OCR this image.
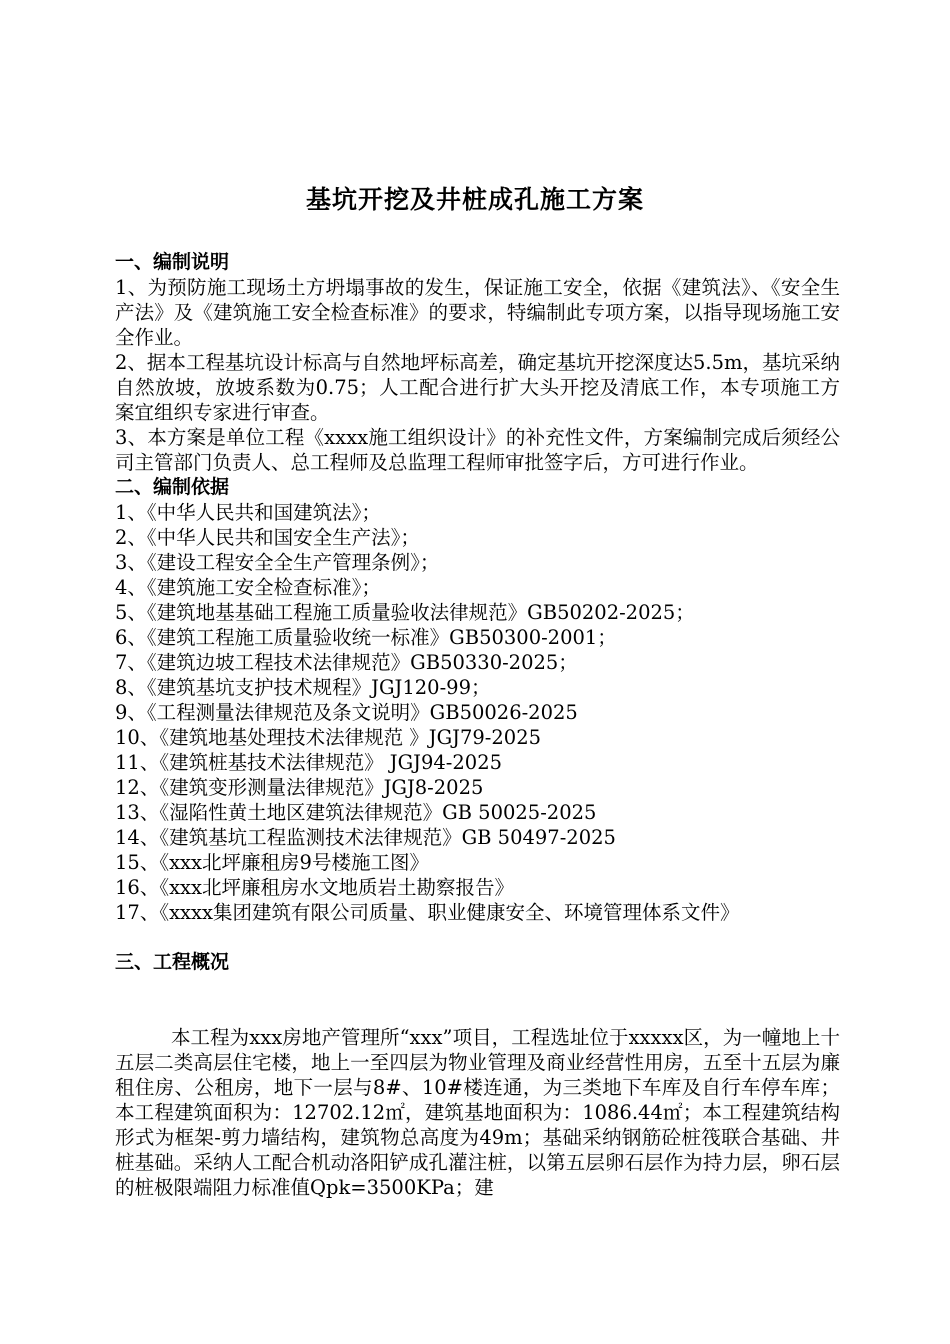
基坑开挖及井桩成孔施工方案
一、编制说明

1、为预防施工现场土方坍塌事故的发生，保证施工安全，依据《建筑法》、《安全生产法》及《建筑施工安全检查标准》的要求，特编制此专项方案，以指导现场施工安全作业。

2、据本工程基坑设计标高与自然地坪标高差，确定基坑开挖深度达5.5m，基坑采纳自然放坡，放坡系数为0.75；人工配合进行扩大头开挖及清底工作，本专项施工方案宜组织专家进行审查。

3、本方案是单位工程《xxxx施工组织设计》的补充性文件，方案编制完成后须经公司主管部门负责人、总工程师及总监理工程师审批签字后，方可进行作业。

二、编制依据
1、《中华人民共和国建筑法》；
2、《中华人民共和国安全生产法》；
3、《建设工程安全全生产管理条例》；
4、《建筑施工安全检查标准》；
5、《建筑地基基础工程施工质量验收法律规范》GB50202-2025；
6、《建筑工程施工质量验收统一标准》GB50300-2001；
7、《建筑边坡工程技术法律规范》GB50330-2025；
8、《建筑基坑支护技术规程》JGJ120-99；
9、《工程测量法律规范及条文说明》GB50026-2025
10、《建筑地基处理技术法律规范 》JGJ79-2025
11、《建筑桩基技术法律规范》 JGJ94-2025
12、《建筑变形测量法律规范》JGJ8-2025
13、《湿陷性黄土地区建筑法律规范》GB 50025-2025
14、《建筑基坑工程监测技术法律规范》GB 50497-2025
15、《xxx北坪廉租房9号楼施工图》
16、《xxx北坪廉租房水文地质岩土勘察报告》
17、《xxxx集团建筑有限公司质量、职业健康安全、环境管理体系文件》
三、工程概况

本工程为xxx房地产管理所“xxx”项目，工程选址位于xxxxx区，为一幢地上十五层二类高层住宅楼，地上一至四层为物业管理及商业经营性用房，五至十五层为廉租住房、公租房，地下一层与8#、10#楼连通，为三类地下车库及自行车停车库；本工程建筑面积为：12702.12㎡，建筑基地面积为：1086.44㎡；本工程建筑结构形式为框架-剪力墙结构，建筑物总高度为49m；基础采纳钢筋砼桩筏联合基础、井桩基础。采纳人工配合机动洛阳铲成孔灌注桩，以第五层卵石层作为持力层，卵石层的桩极限端阻力标准值Qpk=3500KPa；建
